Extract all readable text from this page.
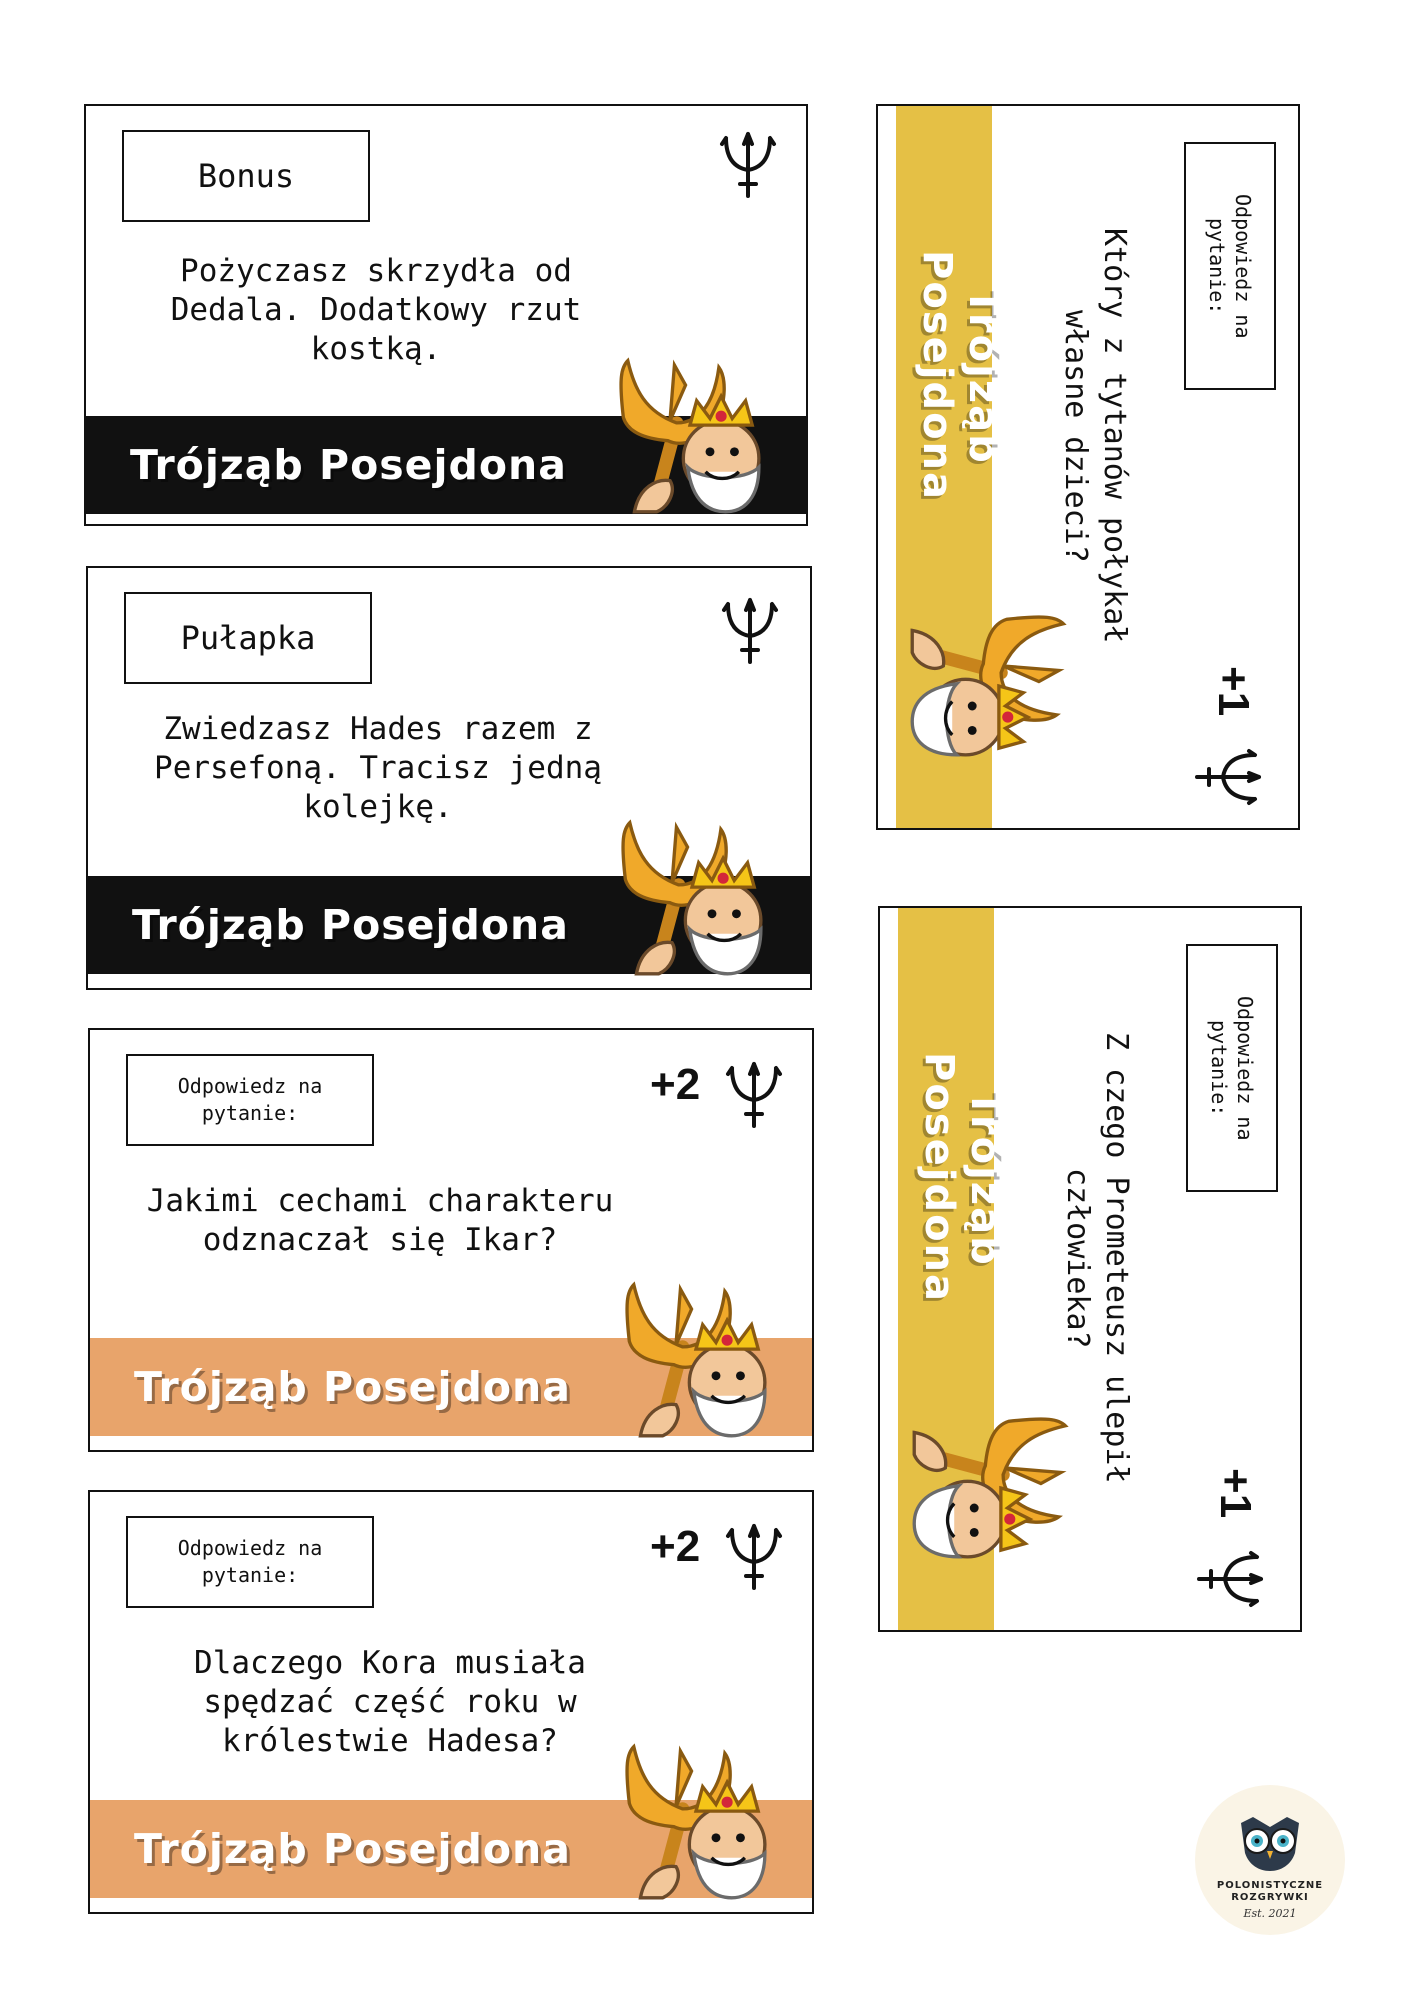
Bonus
Pożyczasz skrzydła od Dedala. Dodatkowy rzut kostką.
Trójząb Posejdona
Pułapka
Zwiedzasz Hades razem z Persefoną. Tracisz jedną kolejkę.
Trójząb Posejdona
Odpowiedz na pytanie:
+2
Jakimi cechami charakteru odznaczał się Ikar?
Trójząb Posejdona
Odpowiedz na pytanie:
+2
Dlaczego Kora musiała spędzać część roku w królestwie Hadesa?
Trójząb Posejdona
Trójząb Posejdona	Który z tytanów połykał własne dzieci?
Odpowiedz na pytanie:
+1
Trójząb Posejdona	Z czego Prometeusz ulepił człowieka?
Odpowiedz na pytanie:
+1
POLONISTYCZNE
ROZGRYWKI
Est. 2021
